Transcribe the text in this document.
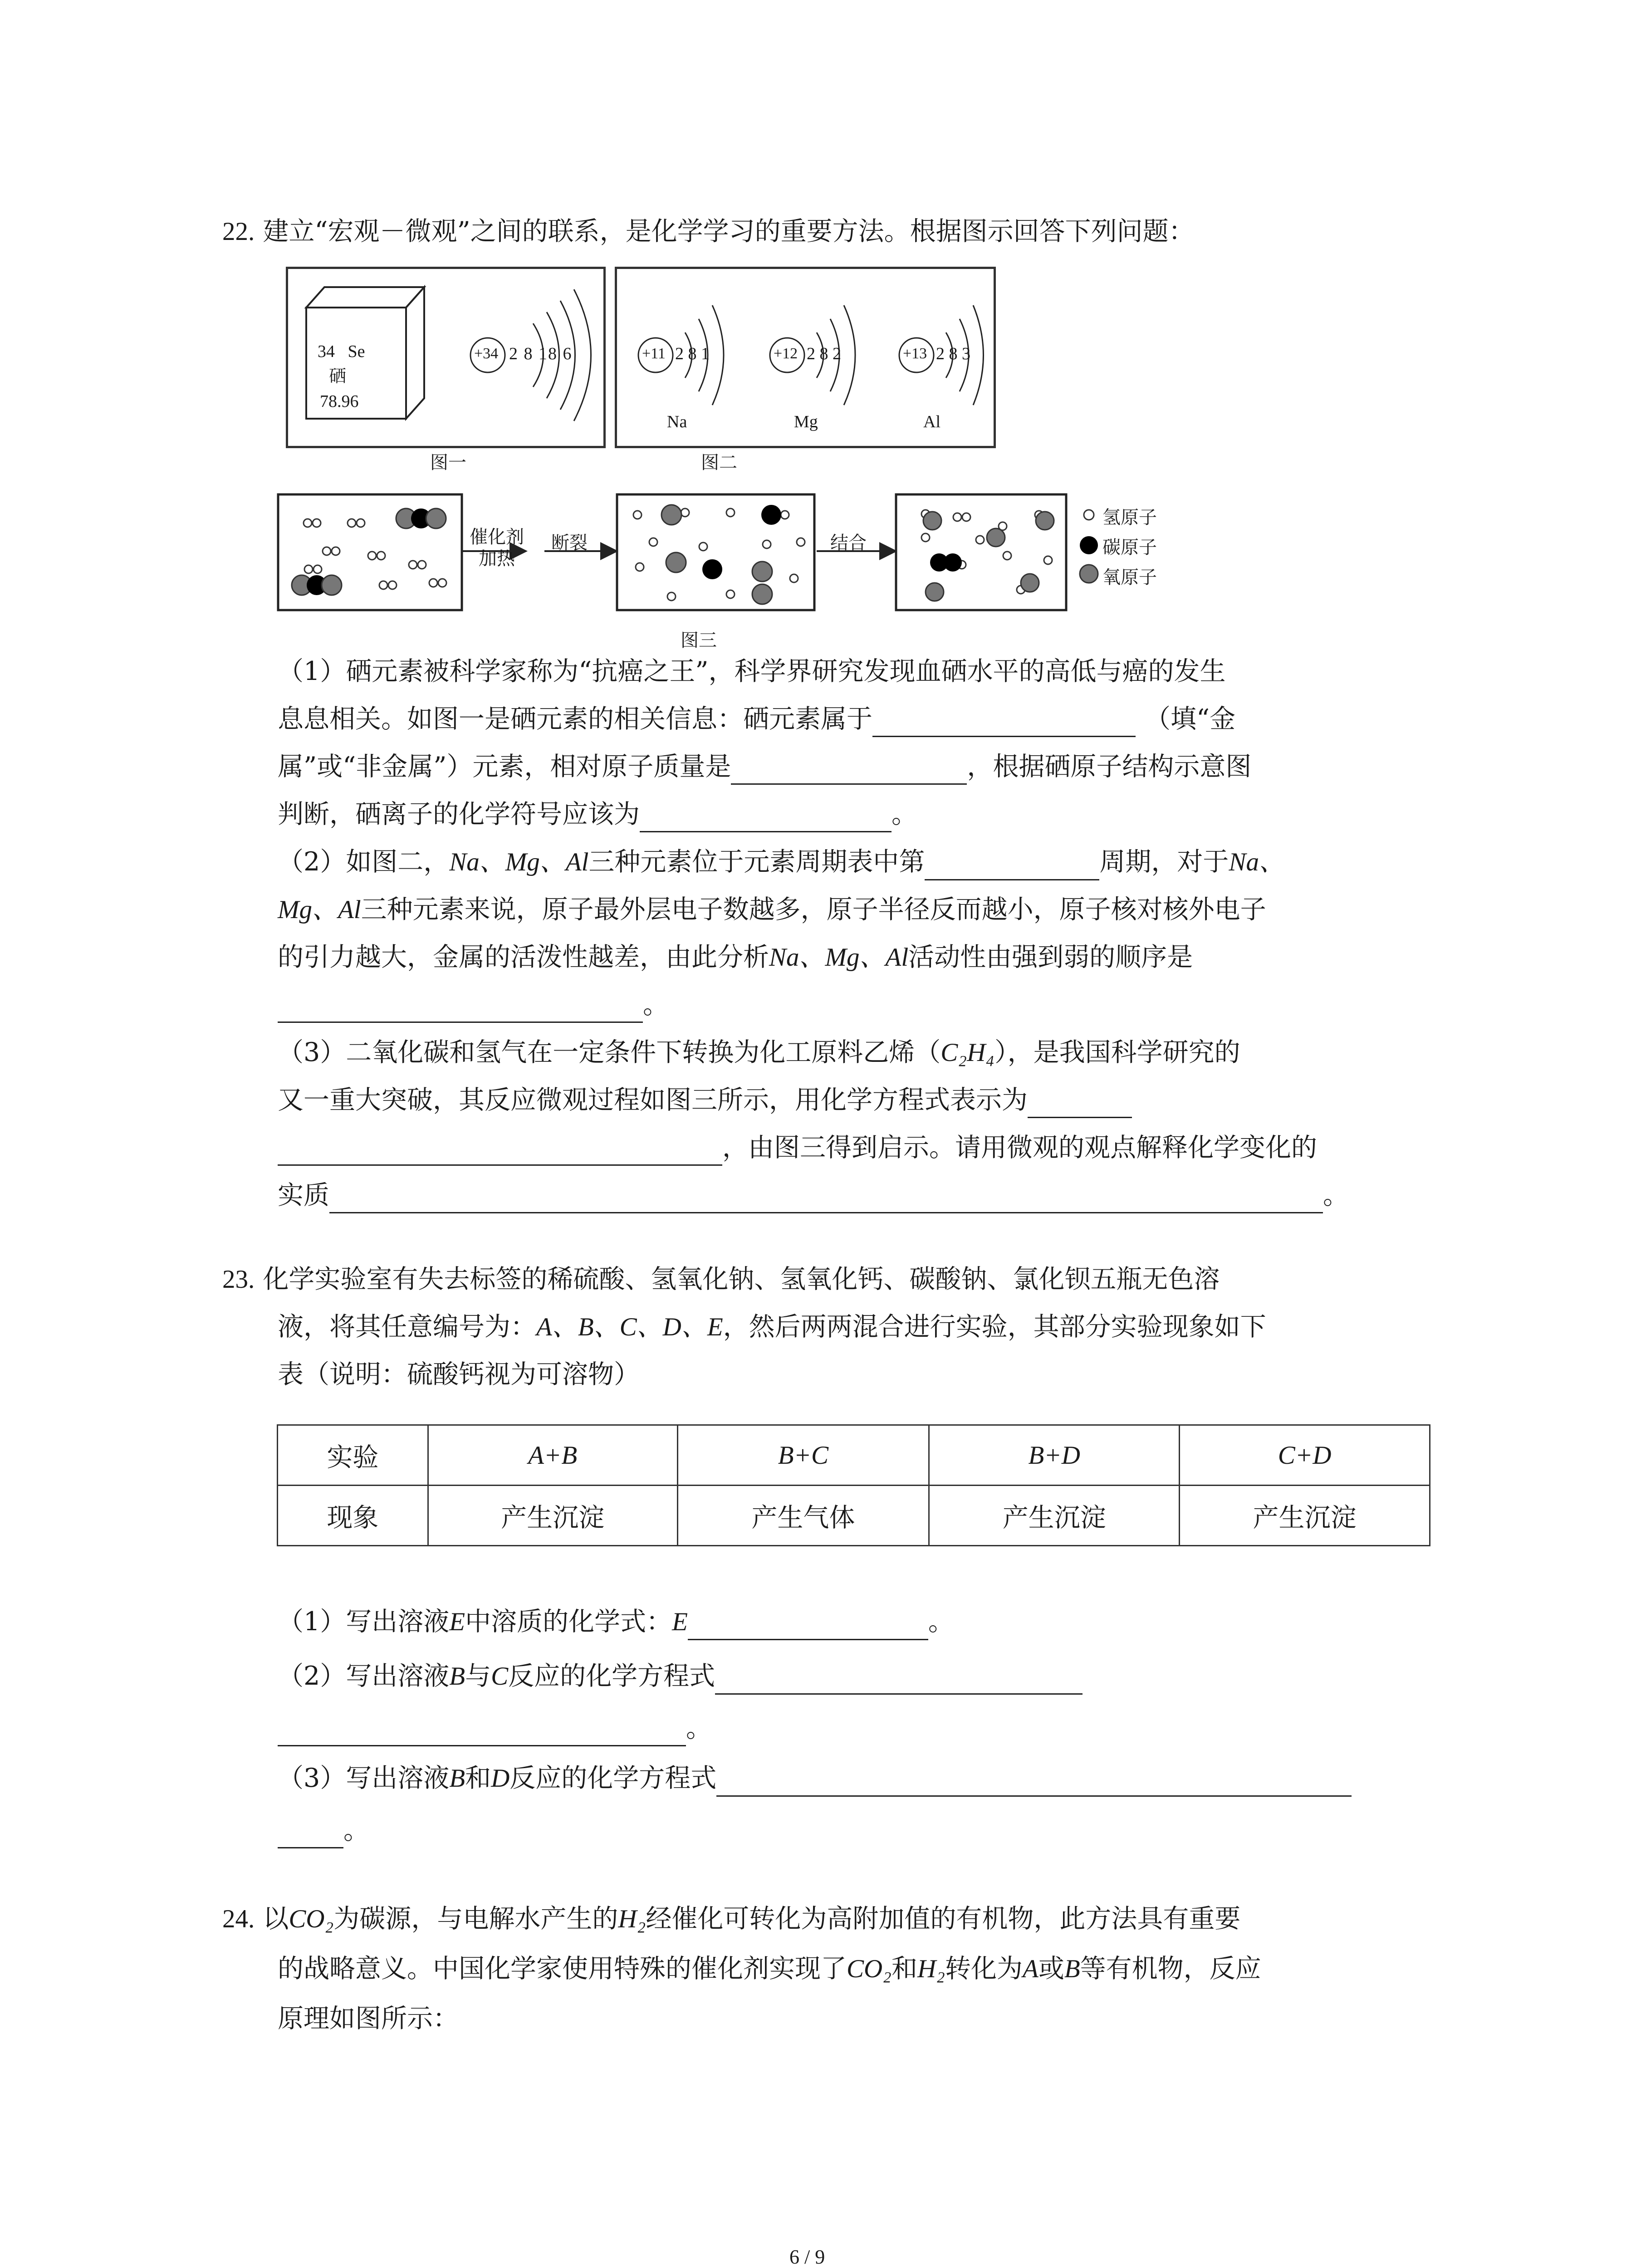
22. 建立“宏观－微观”之间的联系，是化学学习的重要方法。根据图示回答下列问题：
34 Se
硒
78.96
+34 2 8 18 6
图一
+11 2 8 1
Na
+12 2 8 2
Mg
+13 2 8 3
Al
图二
催化剂
加热
断裂	结合
氢原子
碳原子
氧原子
图三
（1）硒元素被科学家称为“抗癌之王”，科学界研究发现血硒水平的高低与癌的发生
息息相关。如图一是硒元素的相关信息：硒元素属于	（填“金
属”或“非金属”）元素，相对原子质量是	，根据硒原子结构示意图
判断，硒离子的化学符号应该为	。
（2）如图二，Na、Mg、Al三种元素位于元素周期表中第	周期，对于Na、
Mg、Al三种元素来说，原子最外层电子数越多，原子半径反而越小，原子核对核外电子
的引力越大，金属的活泼性越差，由此分析Na、Mg、Al活动性由强到弱的顺序是
。
（3）二氧化碳和氢气在一定条件下转换为化工原料乙烯（C₂H₄），是我国科学研究的
又一重大突破，其反应微观过程如图三所示，用化学方程式表示为
，由图三得到启示。请用微观的观点解释化学变化的
实质	。
23. 化学实验室有失去标签的稀硫酸、氢氧化钠、氢氧化钙、碳酸钠、氯化钡五瓶无色溶
液，将其任意编号为：A、B、C、D、E，然后两两混合进行实验，其部分实验现象如下
表（说明：硫酸钙视为可溶物）
实验	A+B	B+C	B+D	C+D
现象	产生沉淀	产生气体	产生沉淀	产生沉淀
（1）写出溶液E中溶质的化学式：E	。
（2）写出溶液B与C反应的化学方程式
。
（3）写出溶液B和D反应的化学方程式
。
24. 以CO₂为碳源，与电解水产生的H₂经催化可转化为高附加值的有机物，此方法具有重要
的战略意义。中国化学家使用特殊的催化剂实现了CO₂和H₂转化为A或B等有机物，反应
原理如图所示：
6 / 9
